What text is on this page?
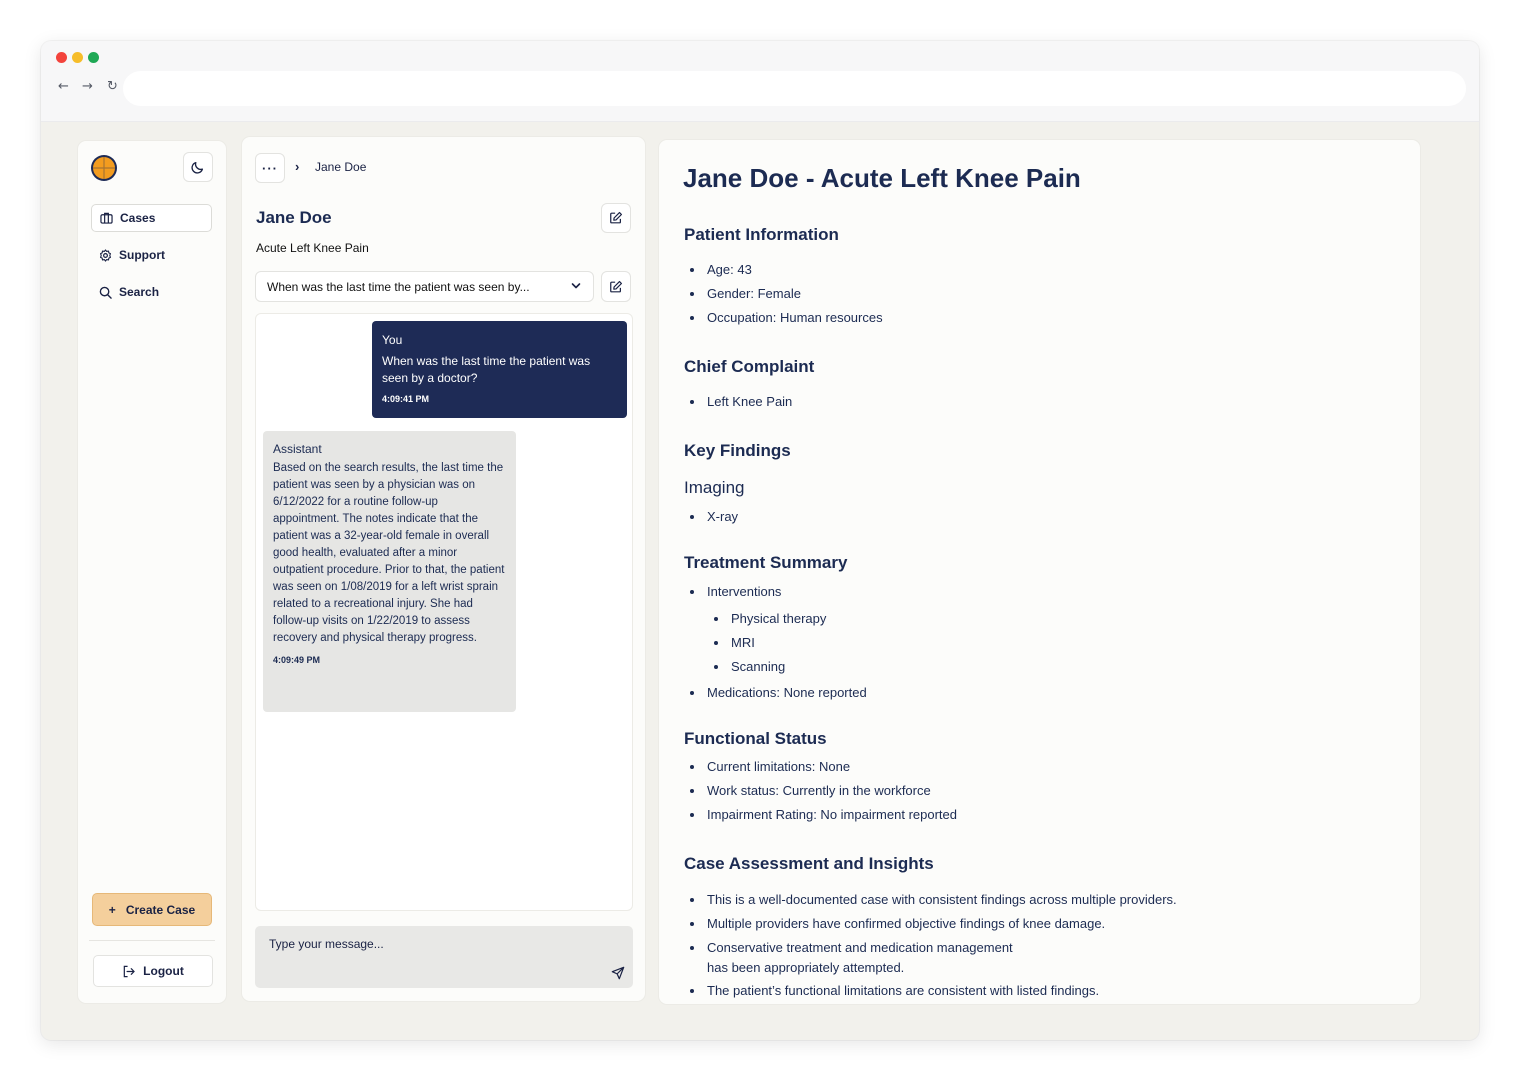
← → ↻
Cases
Support
Search
+ Create Case
Logout
··· › Jane Doe
Jane Doe
Acute Left Knee Pain
When was the last time the patient was seen by...
You
When was the last time the patient was seen by a doctor?
4:09:41 PM
Assistant
Based on the search results, the last time the patient was seen by a physician was on 6/12/2022 for a routine follow-up appointment. The notes indicate that the patient was a 32-year-old female in overall good health, evaluated after a minor outpatient procedure. Prior to that, the patient was seen on 1/08/2019 for a left wrist sprain related to a recreational injury. She had follow-up visits on 1/22/2019 to assess recovery and physical therapy progress.
4:09:49 PM
Type your message...
Jane Doe - Acute Left Knee Pain
Patient Information
Age: 43
Gender: Female
Occupation: Human resources
Chief Complaint
Left Knee Pain
Key Findings
Imaging
X-ray
Treatment Summary
Interventions
Physical therapy
MRI
Scanning
Medications: None reported
Functional Status
Current limitations: None
Work status: Currently in the workforce
Impairment Rating: No impairment reported
Case Assessment and Insights
This is a well-documented case with consistent findings across multiple providers.
Multiple providers have confirmed objective findings of knee damage.
Conservative treatment and medication management
has been appropriately attempted.
The patient’s functional limitations are consistent with listed findings.
